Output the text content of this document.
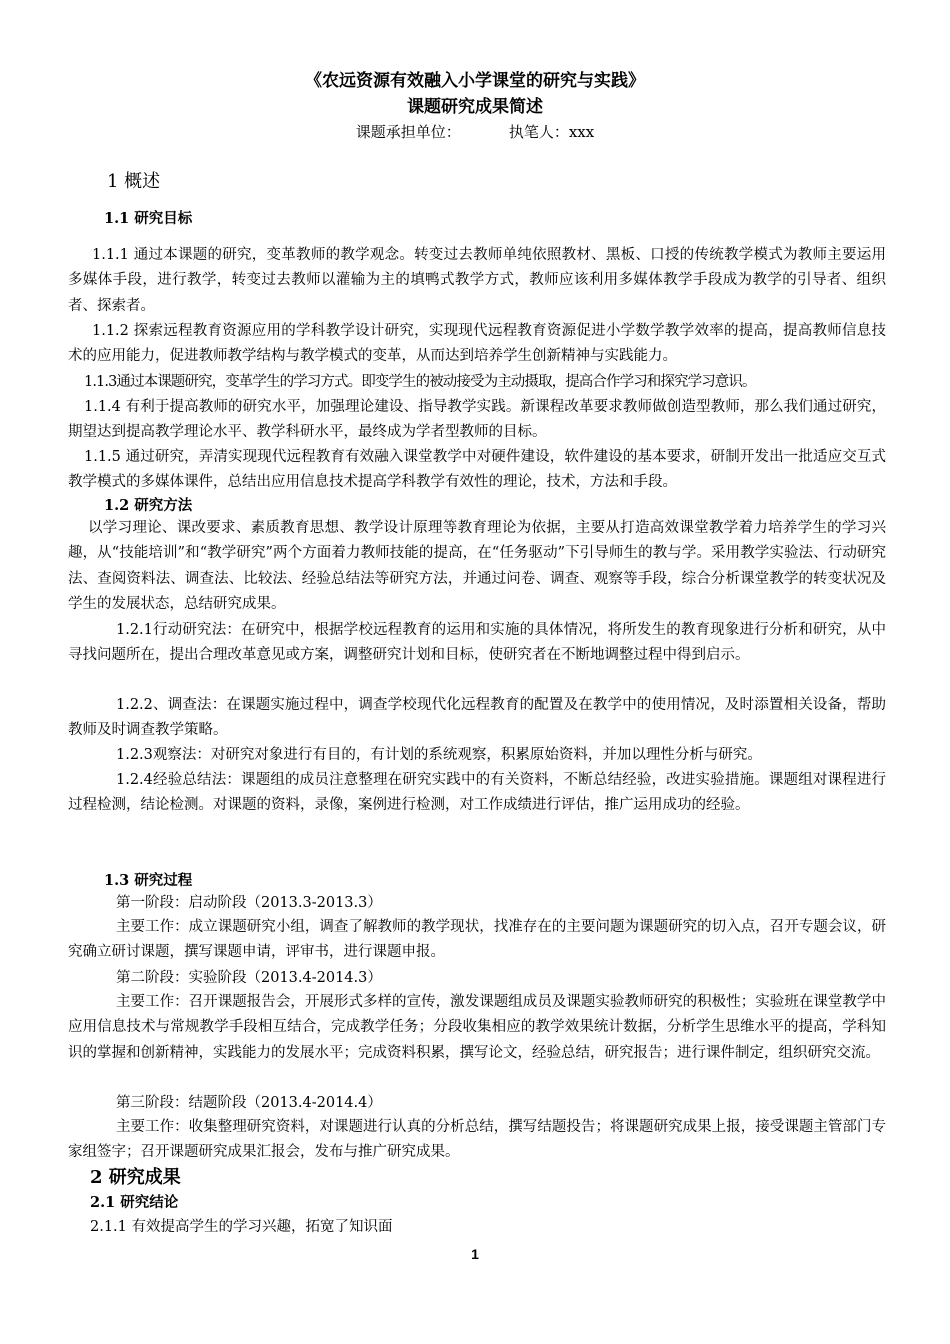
《农远资源有效融入小学课堂的研究与实践》
课题研究成果简述
课题承担单位：	执笔人：xxx
1 概述
1.1 研究目标

1.1.1 通过本课题的研究，变革教师的教学观念。转变过去教师单纯依照教材、黑板、口授的传统教学模式为教师主要运用多媒体手段，进行教学，转变过去教师以灌输为主的填鸭式教学方式，教师应该利用多媒体教学手段成为教学的引导者、组织者、探索者。

1.1.2 探索远程教育资源应用的学科教学设计研究，实现现代远程教育资源促进小学数学教学效率的提高，提高教师信息技术的应用能力，促进教师教学结构与教学模式的变革，从而达到培养学生创新精神与实践能力。

1.1.3通过本课题研究，变革学生的学习方式。即变学生的被动接受为主动摄取，提高合作学习和探究学习意识。

1.1.4 有利于提高教师的研究水平，加强理论建设、指导教学实践。新课程改革要求教师做创造型教师，那么我们通过研究，期望达到提高教学理论水平、教学科研水平，最终成为学者型教师的目标。

1.1.5 通过研究，弄清实现现代远程教育有效融入课堂教学中对硬件建设，软件建设的基本要求，研制开发出一批适应交互式教学模式的多媒体课件，总结出应用信息技术提高学科教学有效性的理论，技术，方法和手段。

1.2 研究方法

以学习理论、课改要求、素质教育思想、教学设计原理等教育理论为依据，主要从打造高效课堂教学着力培养学生的学习兴趣，从“技能培训”和“教学研究”两个方面着力教师技能的提高，在“任务驱动”下引导师生的教与学。采用教学实验法、行动研究法、查阅资料法、调查法、比较法、经验总结法等研究方法，并通过问卷、调查、观察等手段，综合分析课堂教学的转变状况及学生的发展状态，总结研究成果。

1.2.1行动研究法：在研究中，根据学校远程教育的运用和实施的具体情况，将所发生的教育现象进行分析和研究，从中寻找问题所在，提出合理改革意见或方案，调整研究计划和目标，使研究者在不断地调整过程中得到启示。

1.2.2、调查法：在课题实施过程中，调查学校现代化远程教育的配置及在教学中的使用情况，及时添置相关设备，帮助教师及时调查教学策略。

1.2.3观察法：对研究对象进行有目的，有计划的系统观察，积累原始资料，并加以理性分析与研究。

1.2.4经验总结法：课题组的成员注意整理在研究实践中的有关资料，不断总结经验，改进实验措施。课题组对课程进行过程检测，结论检测。对课题的资料，录像，案例进行检测，对工作成绩进行评估，推广运用成功的经验。

1.3 研究过程
第一阶段：启动阶段（2013.3-2013.3）

主要工作：成立课题研究小组，调查了解教师的教学现状，找准存在的主要问题为课题研究的切入点，召开专题会议，研究确立研讨课题，撰写课题申请，评审书，进行课题申报。

第二阶段：实验阶段（2013.4-2014.3）

主要工作：召开课题报告会，开展形式多样的宣传，激发课题组成员及课题实验教师研究的积极性；实验班在课堂教学中应用信息技术与常规教学手段相互结合，完成教学任务；分段收集相应的教学效果统计数据，分析学生思维水平的提高，学科知识的掌握和创新精神，实践能力的发展水平；完成资料积累，撰写论文，经验总结，研究报告；进行课件制定，组织研究交流。

第三阶段：结题阶段（2013.4-2014.4）

主要工作：收集整理研究资料，对课题进行认真的分析总结，撰写结题投告；将课题研究成果上报，接受课题主管部门专家组签字；召开课题研究成果汇报会，发布与推广研究成果。

2 研究成果
2.1 研究结论
2.1.1 有效提高学生的学习兴趣，拓宽了知识面
1
